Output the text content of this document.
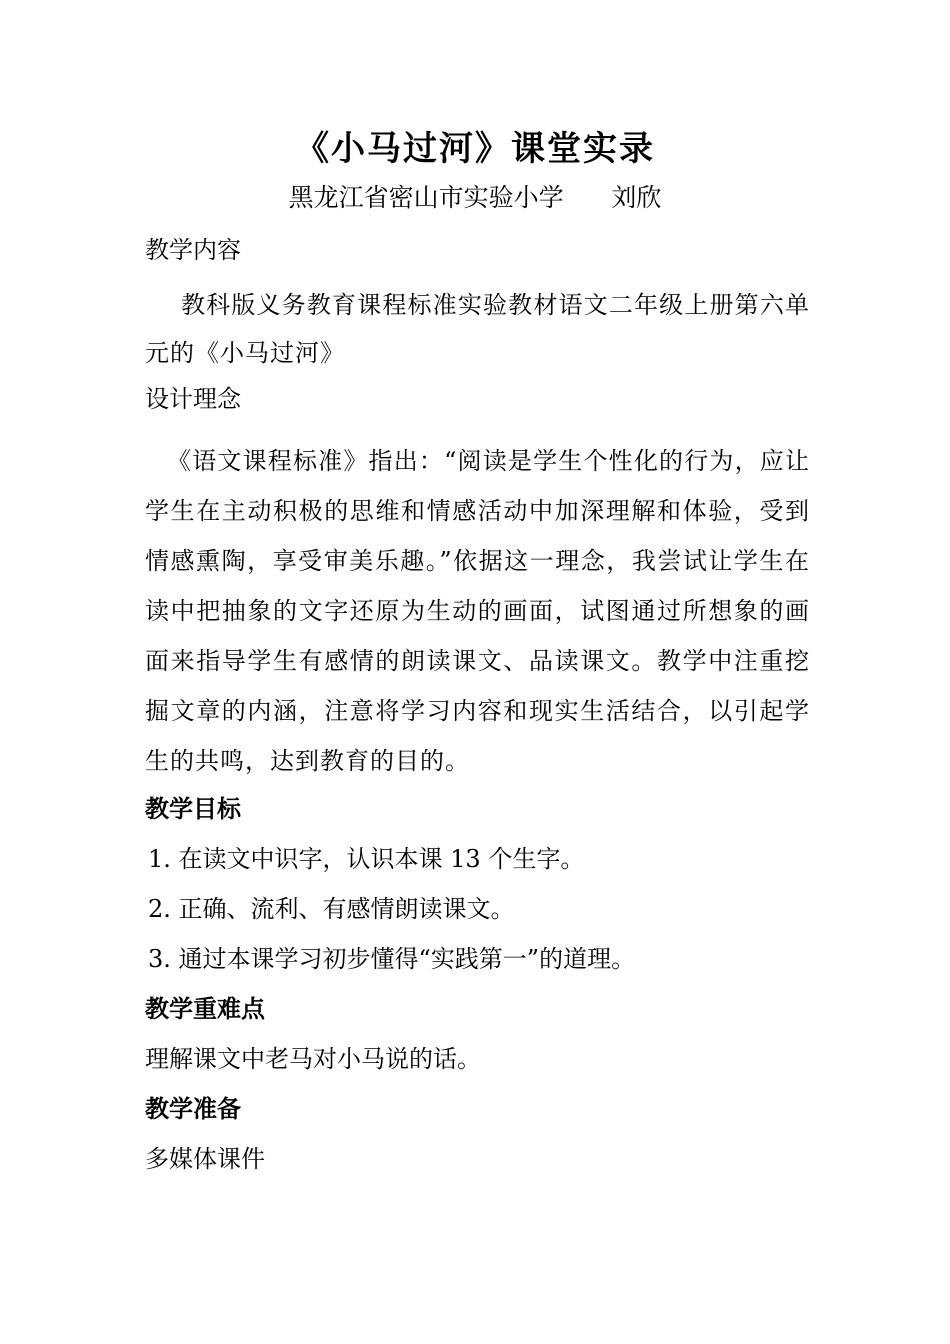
《小马过河》课堂实录
黑龙江省密山市实验小学      刘欣
教学内容
教科版义务教育课程标准实验教材语文二年级上册第六单元的《小马过河》
设计理念
《语文课程标准》指出：“阅读是学生个性化的行为，应让学生在主动积极的思维和情感活动中加深理解和体验，受到情感熏陶，享受审美乐趣。”依据这一理念，我尝试让学生在读中把抽象的文字还原为生动的画面，试图通过所想象的画面来指导学生有感情的朗读课文、品读课文。教学中注重挖掘文章的内涵，注意将学习内容和现实生活结合，以引起学生的共鸣，达到教育的目的。
教学目标
1. 在读文中识字，认识本课 13 个生字。
2. 正确、流利、有感情朗读课文。
3. 通过本课学习初步懂得“实践第一”的道理。
教学重难点
理解课文中老马对小马说的话。
教学准备
多媒体课件
